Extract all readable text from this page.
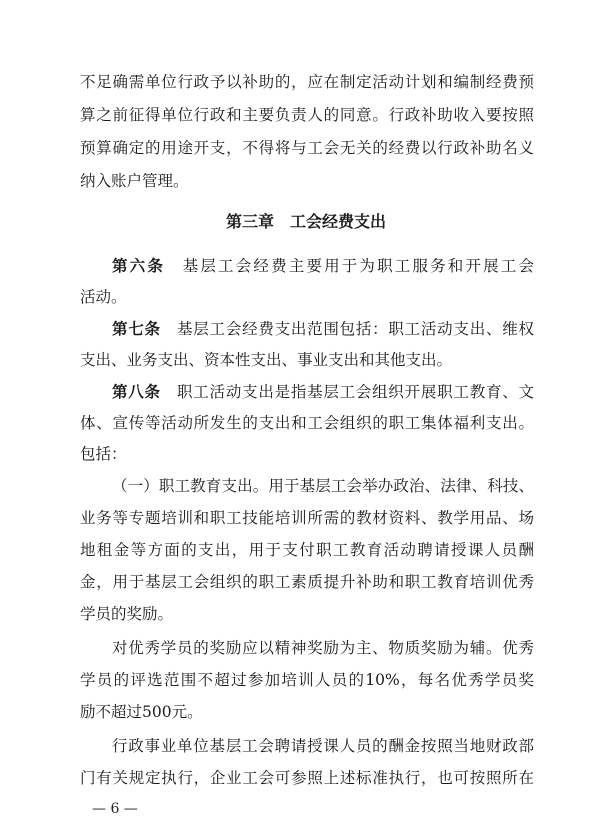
不足确需单位行政予以补助的，应在制定活动计划和编制经费预
算之前征得单位行政和主要负责人的同意。行政补助收入要按照
预算确定的用途开支，不得将与工会无关的经费以行政补助名义
纳入账户管理。
第三章　工会经费支出
第六条　基层工会经费主要用于为职工服务和开展工会
活动。
第七条　基层工会经费支出范围包括：职工活动支出、维权
支出、业务支出、资本性支出、事业支出和其他支出。
第八条　职工活动支出是指基层工会组织开展职工教育、文
体、宣传等活动所发生的支出和工会组织的职工集体福利支出。
包括：
（一）职工教育支出。用于基层工会举办政治、法律、科技、
业务等专题培训和职工技能培训所需的教材资料、教学用品、场
地租金等方面的支出，用于支付职工教育活动聘请授课人员酬
金，用于基层工会组织的职工素质提升补助和职工教育培训优秀
学员的奖励。
对优秀学员的奖励应以精神奖励为主、物质奖励为辅。优秀
学员的评选范围不超过参加培训人员的10%，每名优秀学员奖
励不超过500元。
行政事业单位基层工会聘请授课人员的酬金按照当地财政部
门有关规定执行，企业工会可参照上述标准执行，也可按照所在
— 6 —
